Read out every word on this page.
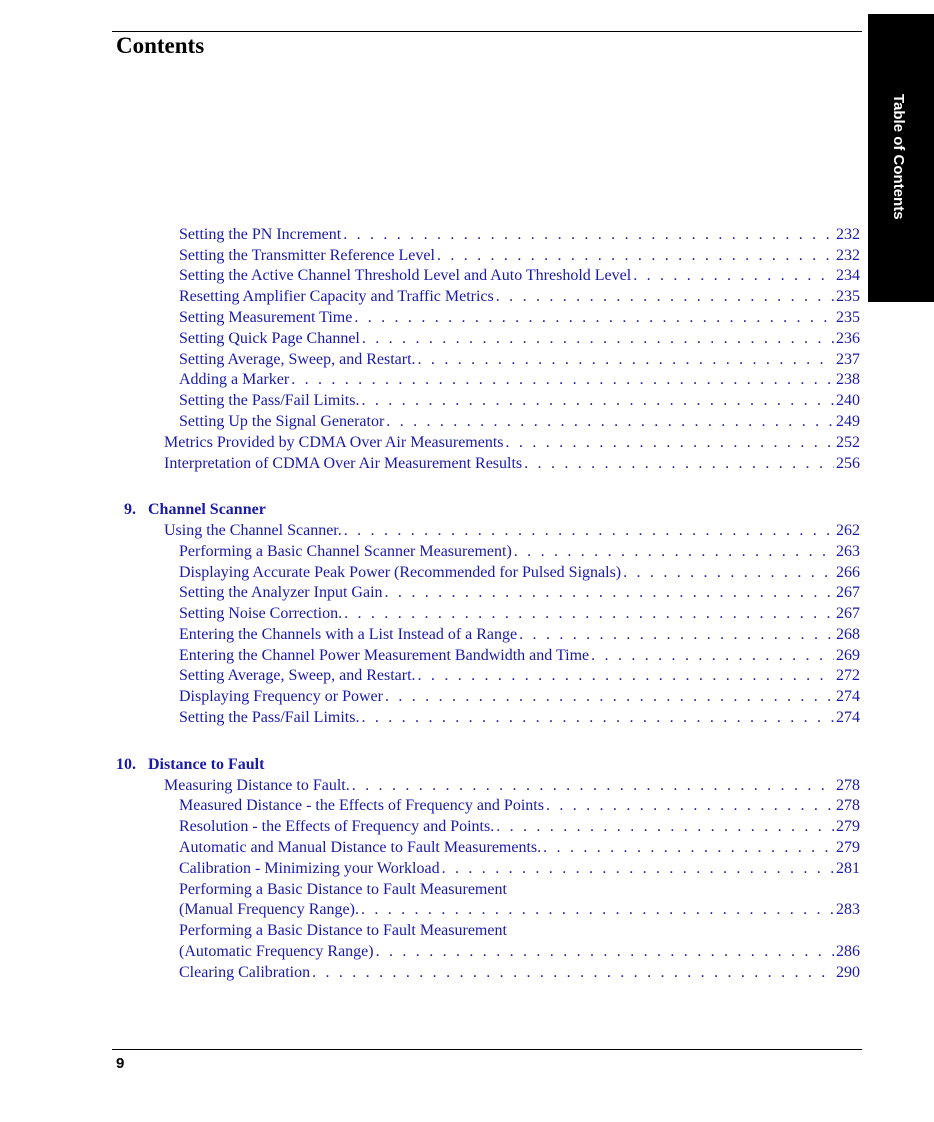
Contents
Table of Contents
Setting the PN Increment . . .	232
Setting the Transmitter Reference Level . . .	232
Setting the Active Channel Threshold Level and Auto Threshold Level . . .	234
Resetting Amplifier Capacity and Traffic Metrics . . .	235
Setting Measurement Time . . .	235
Setting Quick Page Channel . . .	236
Setting Average, Sweep, and Restart. . . .	237
Adding a Marker . . .	238
Setting the Pass/Fail Limits. . . .	240
Setting Up the Signal Generator . . .	249
Metrics Provided by CDMA Over Air Measurements . . .	252
Interpretation of CDMA Over Air Measurement Results . . .	256
9. Channel Scanner
Using the Channel Scanner. . . .	262
Performing a Basic Channel Scanner Measurement) . . .	263
Displaying Accurate Peak Power (Recommended for Pulsed Signals) . . .	266
Setting the Analyzer Input Gain . . .	267
Setting Noise Correction. . . .	267
Entering the Channels with a List Instead of a Range . . .	268
Entering the Channel Power Measurement Bandwidth and Time . . .	269
Setting Average, Sweep, and Restart. . . .	272
Displaying Frequency or Power . . .	274
Setting the Pass/Fail Limits. . . .	274
10. Distance to Fault
Measuring Distance to Fault. . . .	278
Measured Distance - the Effects of Frequency and Points . . .	278
Resolution - the Effects of Frequency and Points. . . .	279
Automatic and Manual Distance to Fault Measurements. . . .	279
Calibration - Minimizing your Workload . . .	281
Performing a Basic Distance to Fault Measurement
(Manual Frequency Range). . . .	283
Performing a Basic Distance to Fault Measurement
(Automatic Frequency Range) . . .	286
Clearing Calibration . . .	290
9
